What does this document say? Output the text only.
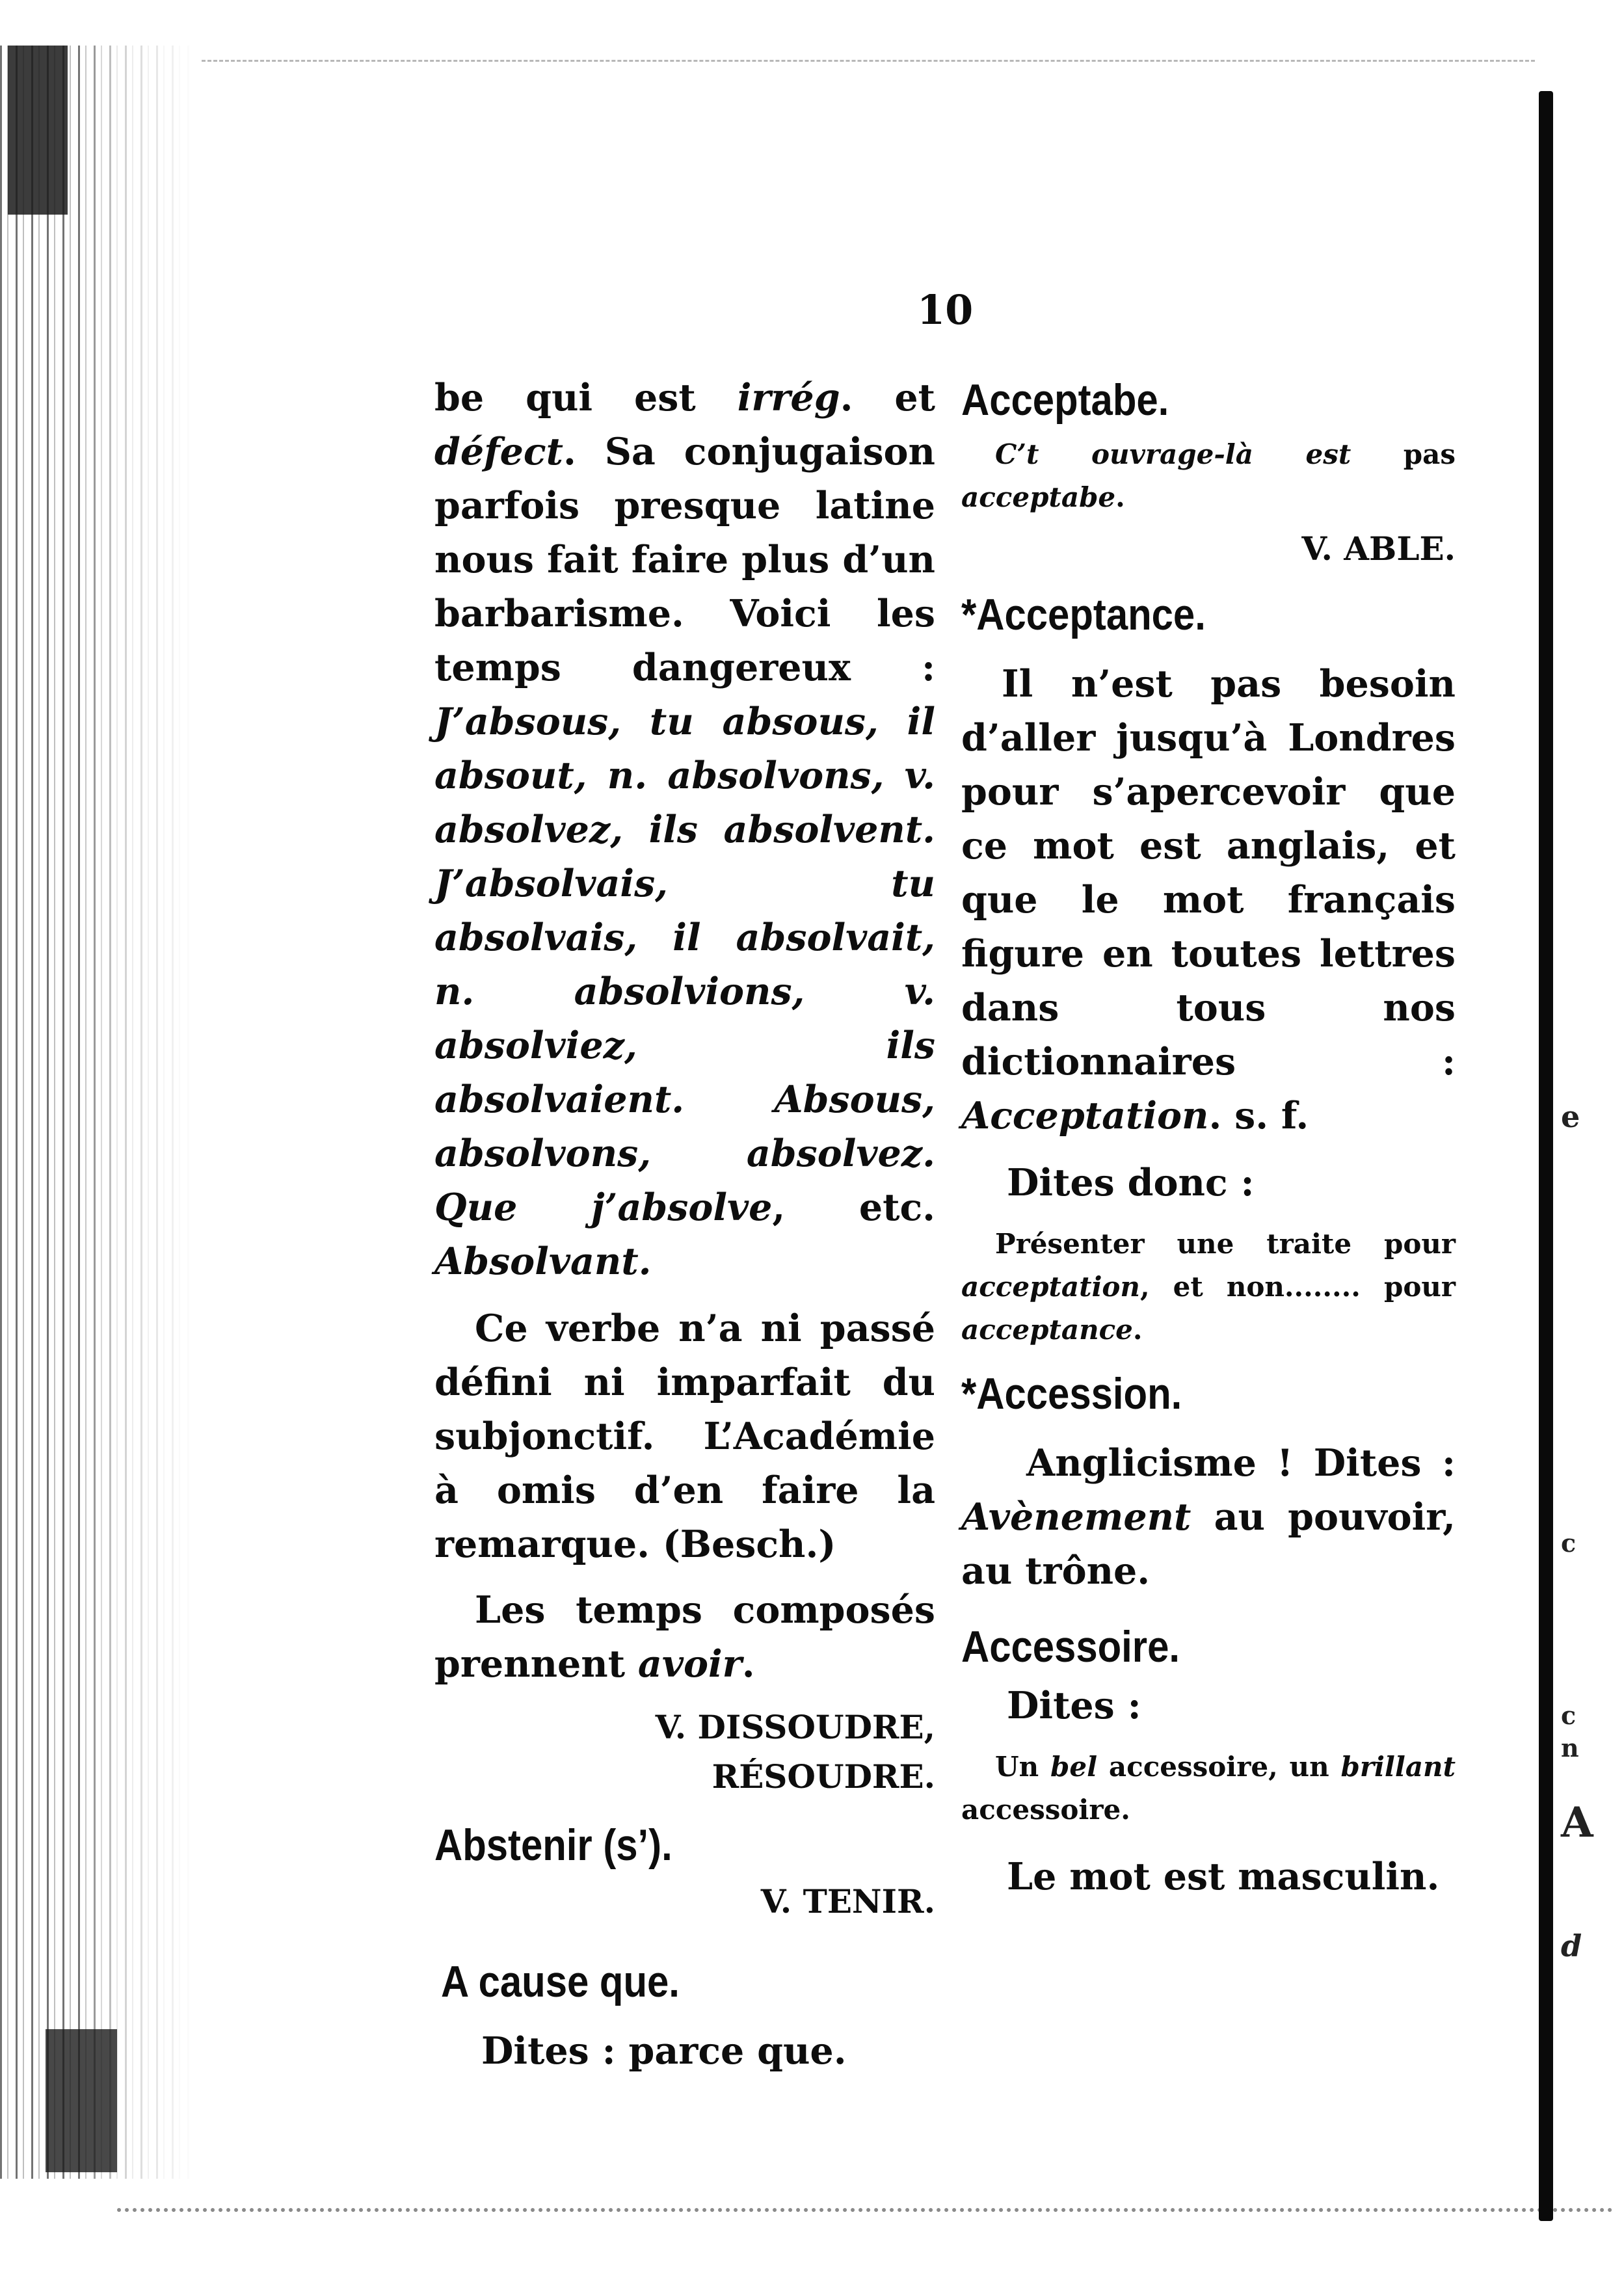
e
c
c
n
A
d
10

be qui est irrég. et défect. Sa conjugaison parfois presque latine nous fait faire plus d’un barbarisme. Voici les temps dangereux : J’absous, tu absous, il absout, n. absolvons, v. absolvez, ils absolvent. J’absolvais, tu absolvais, il absolvait, n. absolvions, v. absolviez, ils absolvaient. Absous, absolvons, absolvez. Que j’absolve, etc. Absolvant.

Ce verbe n’a ni passé défini ni imparfait du subjonctif. L’Académie à omis d’en faire la remarque. (Besch.)

Les temps composés prennent avoir.

V. DISSOUDRE,

RÉSOUDRE.

Abstenir (s’).

V. TENIR.

A cause que.

Dites : parce que.

Acceptabe.

C’t ouvrage-là est pas acceptabe.

V. ABLE.

*Acceptance.

Il n’est pas besoin d’aller jusqu’à Londres pour s’apercevoir que ce mot est anglais, et que le mot français figure en toutes lettres dans tous nos dictionnaires : Acceptation. s. f.

Dites donc :

Présenter une traite pour acceptation, et non........ pour acceptance.

*Accession.

Anglicisme ! Dites : Avènement au pouvoir, au trône.

Accessoire.

Dites :

Un bel accessoire, un brillant accessoire.

Le mot est masculin.
